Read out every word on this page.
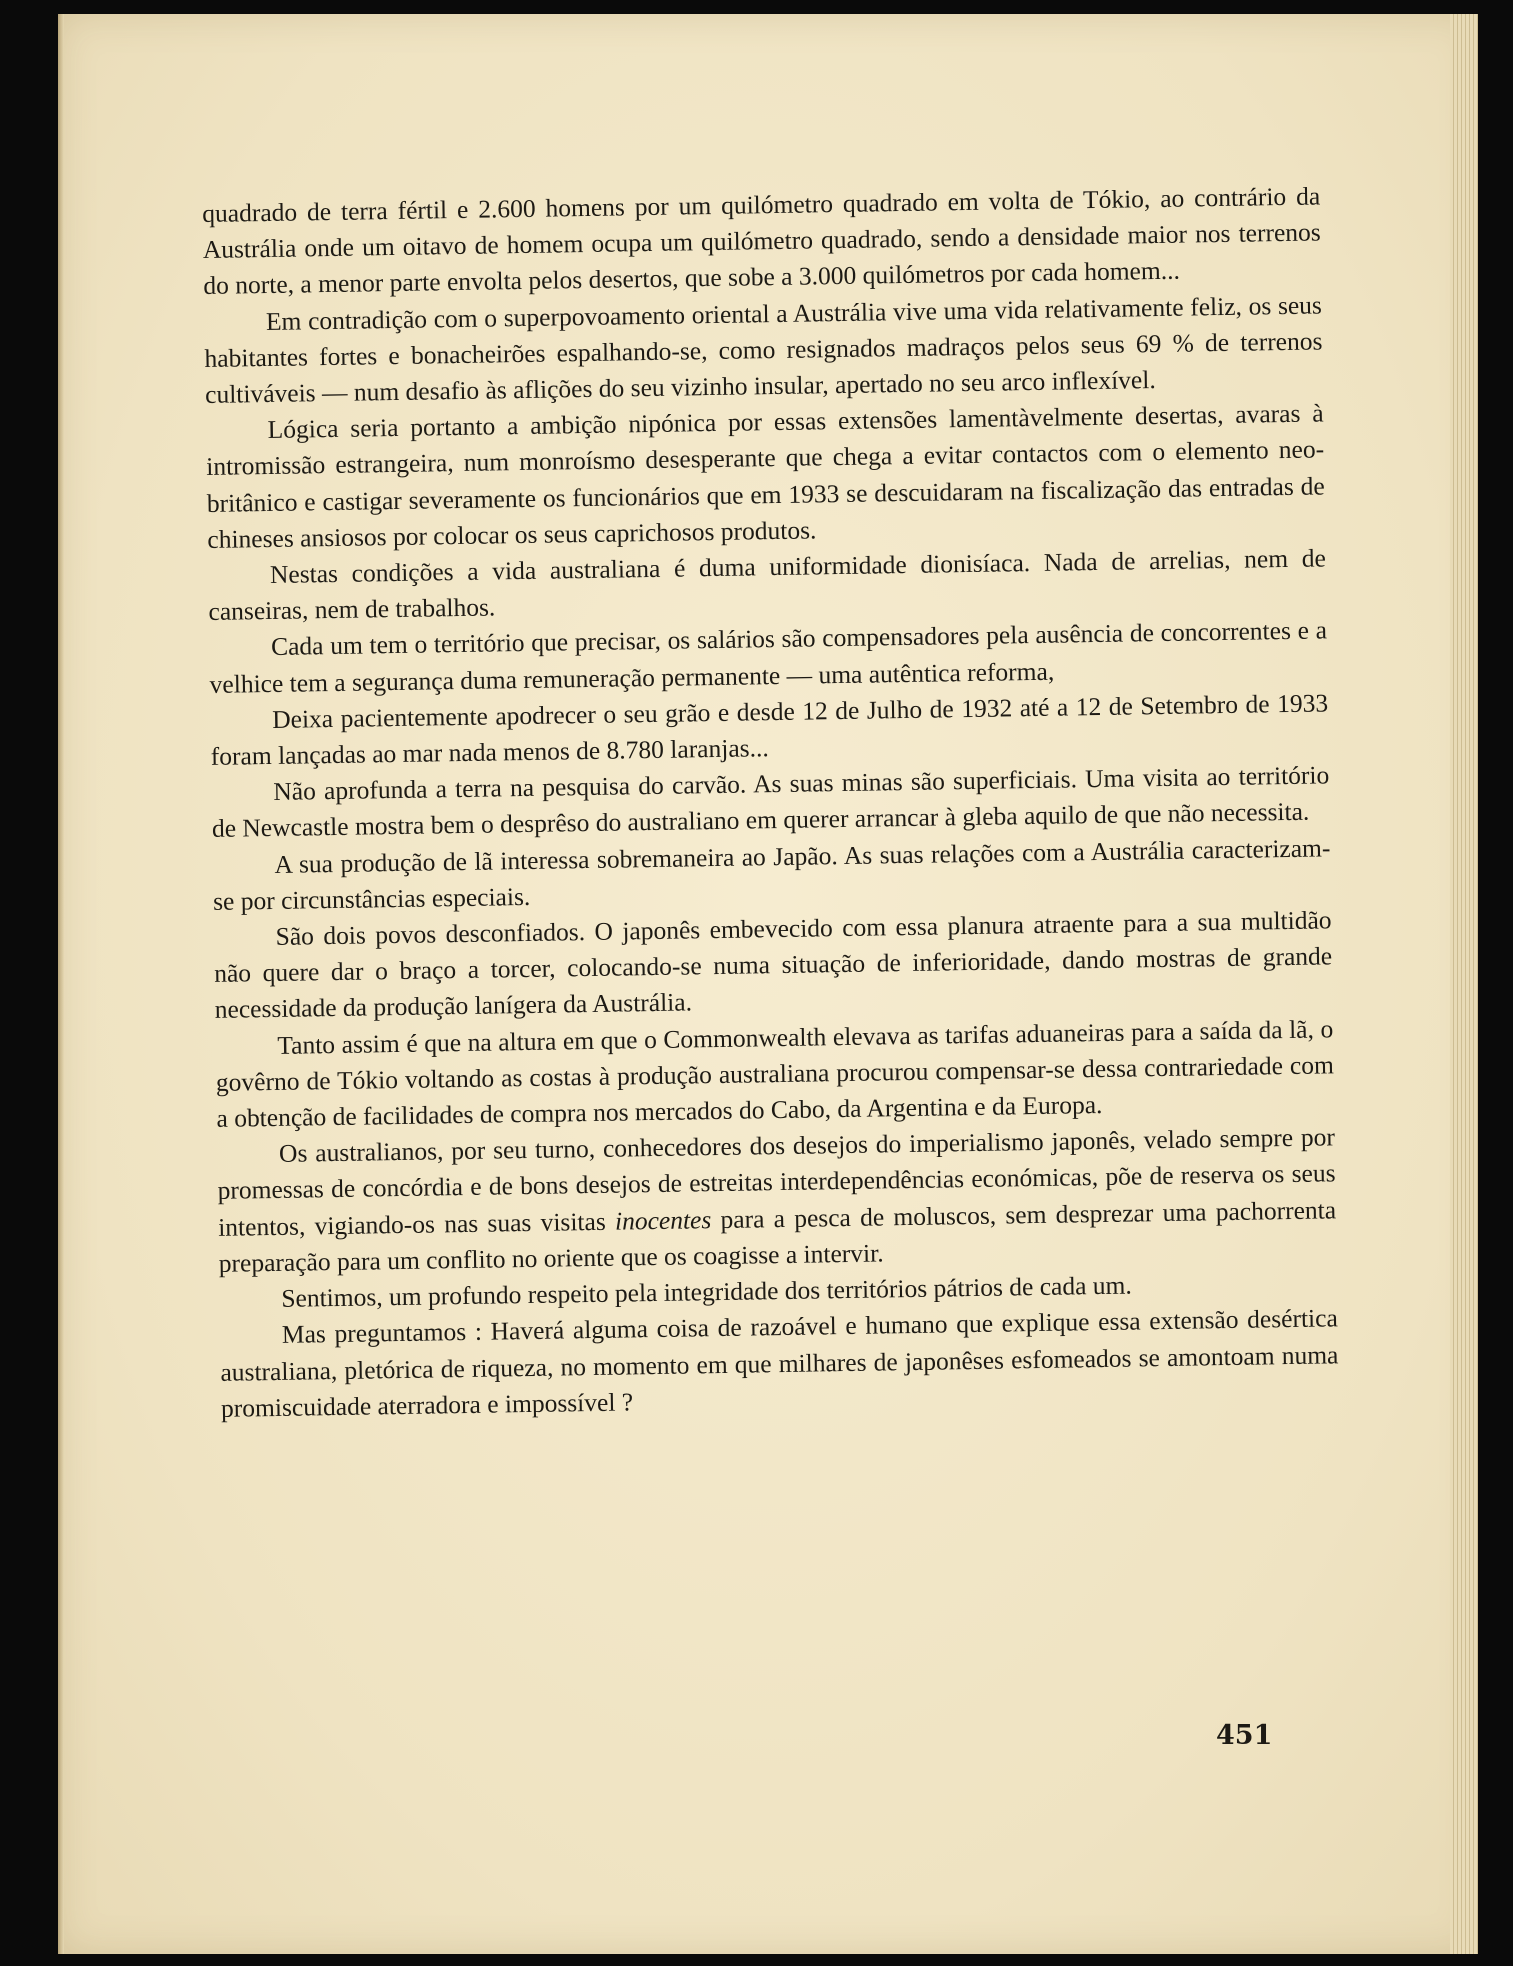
quadrado de terra fértil e 2.600 homens por um quilómetro quadrado em volta de Tókio, ao contrário da Austrália onde um oitavo de homem ocupa um quilómetro quadrado, sendo a densidade maior nos terrenos do norte, a menor parte envolta pelos desertos, que sobe a 3.000 quilómetros por cada homem...

Em contradição com o superpovoamento oriental a Austrália vive uma vida relativamente feliz, os seus habitantes fortes e bonacheirões espalhando-se, como resignados madraços pelos seus 69 % de terrenos cultiváveis — num desafio às aflições do seu vizinho insular, apertado no seu arco inflexível.

Lógica seria portanto a ambição nipónica por essas extensões lamentàvelmente desertas, avaras à intromissão estrangeira, num monroísmo desesperante que chega a evitar contactos com o elemento neo-britânico e castigar severamente os funcionários que em 1933 se descuidaram na fiscalização das entradas de chineses ansiosos por colocar os seus caprichosos produtos.

Nestas condições a vida australiana é duma uniformidade dionisíaca. Nada de arrelias, nem de canseiras, nem de trabalhos.

Cada um tem o território que precisar, os salários são compensadores pela ausência de concorrentes e a velhice tem a segurança duma remuneração permanente — uma autêntica reforma,

Deixa pacientemente apodrecer o seu grão e desde 12 de Julho de 1932 até a 12 de Setembro de 1933 foram lançadas ao mar nada menos de 8.780 laranjas...

Não aprofunda a terra na pesquisa do carvão. As suas minas são superficiais. Uma visita ao território de Newcastle mostra bem o desprêso do australiano em querer arrancar à gleba aquilo de que não necessita.

A sua produção de lã interessa sobremaneira ao Japão. As suas relações com a Austrália caracterizam-se por circunstâncias especiais.

São dois povos desconfiados. O japonês embevecido com essa planura atraente para a sua multidão não quere dar o braço a torcer, colocando-se numa situação de inferioridade, dando mostras de grande necessidade da produção lanígera da Austrália.

Tanto assim é que na altura em que o Commonwealth elevava as tarifas aduaneiras para a saída da lã, o govêrno de Tókio voltando as costas à produção australiana procurou compensar-se dessa contrariedade com a obtenção de facilidades de compra nos mercados do Cabo, da Argentina e da Europa.

Os australianos, por seu turno, conhecedores dos desejos do imperialismo japonês, velado sempre por promessas de concórdia e de bons desejos de estreitas interdependências económicas, põe de reserva os seus intentos, vigiando-os nas suas visitas inocentes para a pesca de moluscos, sem desprezar uma pachorrenta preparação para um conflito no oriente que os coagisse a intervir.

Sentimos, um profundo respeito pela integridade dos territórios pátrios de cada um.

Mas preguntamos : Haverá alguma coisa de razoável e humano que explique essa extensão desértica australiana, pletórica de riqueza, no momento em que milhares de japonêses esfomeados se amontoam numa promiscuidade aterradora e impossível ?

451
